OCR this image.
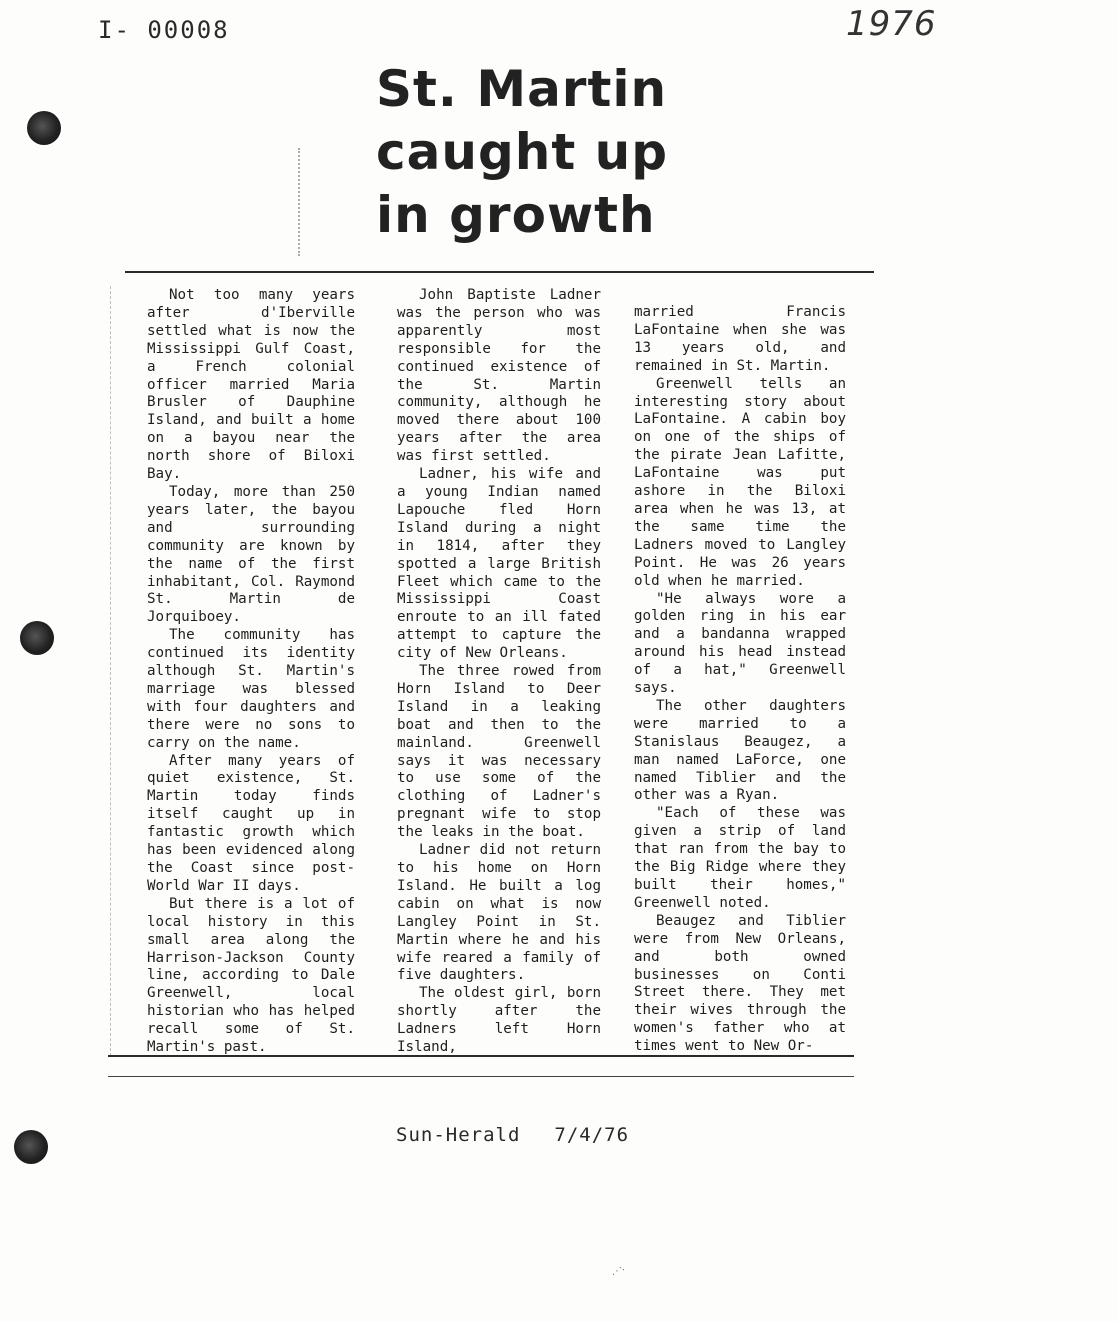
I- 00008	1976
St. Martin caught up in growth

Not too many years after d'Iberville settled what is now the Mississippi Gulf Coast, a French colonial officer married Maria Brusler of Dauphine Island, and built a home on a bayou near the north shore of Biloxi Bay.

Today, more than 250 years later, the bayou and surrounding community are known by the name of the first inhabitant, Col. Raymond St. Martin de Jorquiboey.

The community has continued its identity although St. Martin's marriage was blessed with four daughters and there were no sons to carry on the name.

After many years of quiet existence, St. Martin today finds itself caught up in fantastic growth which has been evidenced along the Coast since post-World War II days.

But there is a lot of local history in this small area along the Harrison-Jackson County line, according to Dale Greenwell, local historian who has helped recall some of St. Martin's past.

John Baptiste Ladner was the person who was apparently most responsible for the continued existence of the St. Martin community, although he moved there about 100 years after the area was first settled.

Ladner, his wife and a young Indian named Lapouche fled Horn Island during a night in 1814, after they spotted a large British Fleet which came to the Mississippi Coast enroute to an ill fated attempt to capture the city of New Orleans.

The three rowed from Horn Island to Deer Island in a leaking boat and then to the mainland. Greenwell says it was necessary to use some of the clothing of Ladner's pregnant wife to stop the leaks in the boat.

Ladner did not return to his home on Horn Island. He built a log cabin on what is now Langley Point in St. Martin where he and his wife reared a family of five daughters.

The oldest girl, born shortly after the Ladners left Horn Island,

married Francis LaFontaine when she was 13 years old, and remained in St. Martin.

Greenwell tells an interesting story about LaFontaine. A cabin boy on one of the ships of the pirate Jean Lafitte, LaFontaine was put ashore in the Biloxi area when he was 13, at the same time the Ladners moved to Langley Point. He was 26 years old when he married.

"He always wore a golden ring in his ear and a bandanna wrapped around his head instead of a hat," Greenwell says.

The other daughters were married to a Stanislaus Beaugez, a man named LaForce, one named Tiblier and the other was a Ryan.

"Each of these was given a strip of land that ran from the bay to the Big Ridge where they built their homes," Greenwell noted.

Beaugez and Tiblier were from New Orleans, and both owned businesses on Conti Street there. They met their wives through the women's father who at times went to New Or-

Sun-Herald 7/4/76
⋰ˑ
